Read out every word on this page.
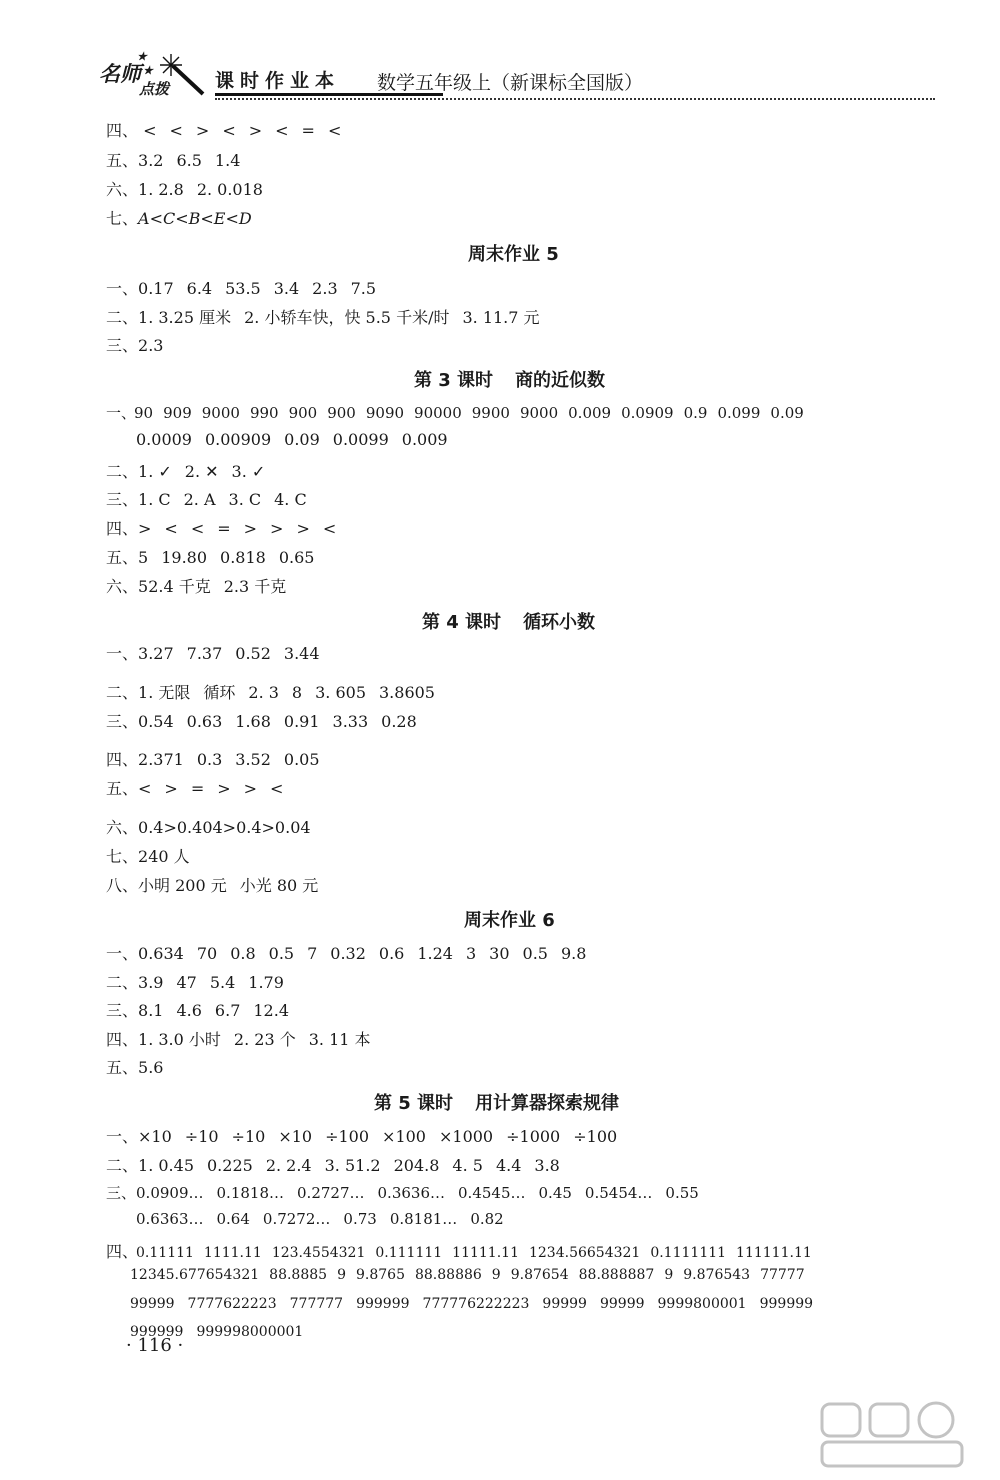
名师
点拨
★
★	课时作业本 数学五年级上（新课标全国版）
四、 < < > < > < = <
五、3.2 6.5 1.4
六、1. 2.8 2. 0.018
七、A<C<B<E<D
周末作业 5
一、0.17 6.4 53.5 3.4 2.3 7.5
二、1. 3.25 厘米 2. 小轿车快，快 5.5 千米/时 3. 11.7 元
三、2.3
第 3 课时 商的近似数
一、90 909 9000 990 900 900 9090 90000 9900 9000 0.009 0.0909 0.9 0.099 0.09
0.0009 0.00909 0.09 0.0099 0.009
二、1. ✓ 2. ✕ 3. ✓
三、1. C 2. A 3. C 4. C
四、> < < = > > > <
五、5 19.80 0.818 0.65
六、52.4 千克 2.3 千克
第 4 课时 循环小数
一、3.27 7.37 0.52 3.44
二、1. 无限 循环 2. 3 8 3. 605 3.8605
三、0.54 0.63 1.68 0.91 3.33 0.28
四、2.371 0.3 3.52 0.05
五、< > = > > <
六、0.4>0.404>0.4>0.04
七、240 人
八、小明 200 元 小光 80 元
周末作业 6
一、0.634 70 0.8 0.5 7 0.32 0.6 1.24 3 30 0.5 9.8
二、3.9 47 5.4 1.79
三、8.1 4.6 6.7 12.4
四、1. 3.0 小时 2. 23 个 3. 11 本
五、5.6
第 5 课时 用计算器探索规律
一、×10 ÷10 ÷10 ×10 ÷100 ×100 ×1000 ÷1000 ÷100
二、1. 0.45 0.225 2. 2.4 3. 51.2 204.8 4. 5 4.4 3.8
三、0.0909… 0.1818… 0.2727… 0.3636… 0.4545… 0.45 0.5454… 0.55
0.6363… 0.64 0.7272… 0.73 0.8181… 0.82
四、0.11111 1111.11 123.4554321 0.111111 11111.11 1234.56654321 0.1111111 111111.11
12345.677654321 88.8885 9 9.8765 88.88886 9 9.87654 88.888887 9 9.876543 77777
99999 7777622223 777777 999999 777776222223 99999 99999 9999800001 999999
999999 999998000001
· 116 ·
